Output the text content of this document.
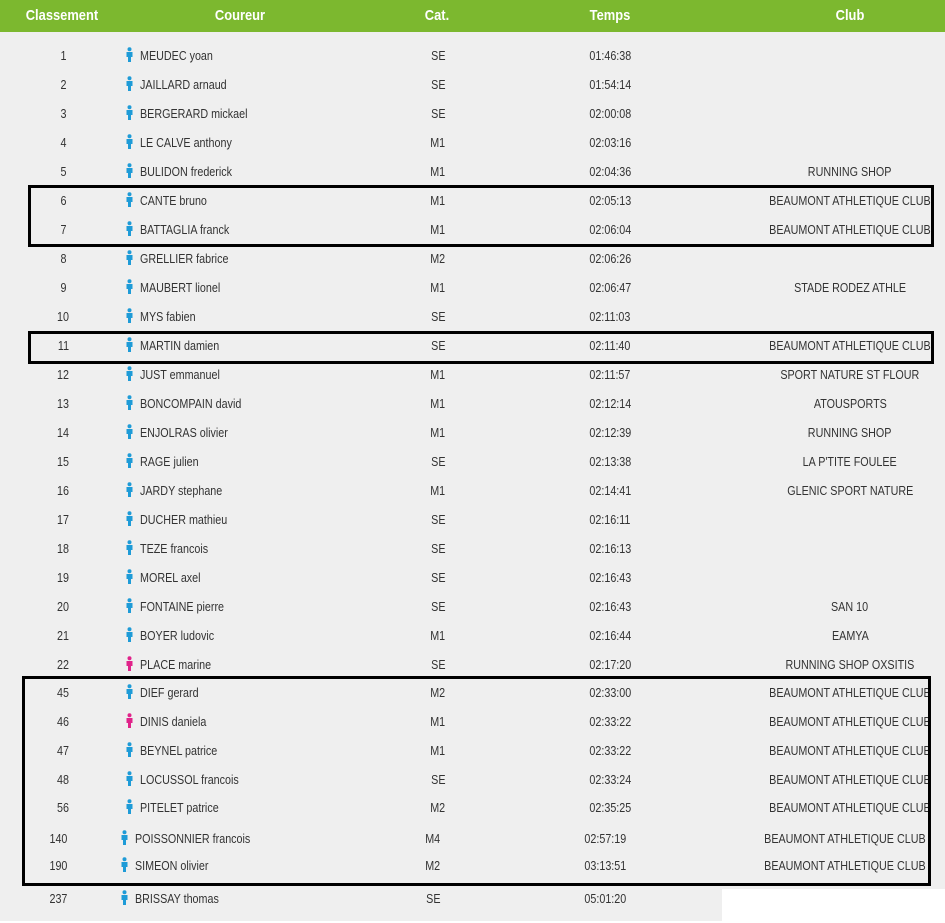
Classement	Coureur	Cat.	Temps	Club
1	MEUDEC yoan	SE	01:46:38
2	JAILLARD arnaud	SE	01:54:14
3	BERGERARD mickael	SE	02:00:08
4	LE CALVE anthony	M1	02:03:16
5	BULIDON frederick	M1	02:04:36	RUNNING SHOP
6	CANTE bruno	M1	02:05:13	BEAUMONT ATHLETIQUE CLUB
7	BATTAGLIA franck	M1	02:06:04	BEAUMONT ATHLETIQUE CLUB
8	GRELLIER fabrice	M2	02:06:26
9	MAUBERT lionel	M1	02:06:47	STADE RODEZ ATHLE
10	MYS fabien	SE	02:11:03
11	MARTIN damien	SE	02:11:40	BEAUMONT ATHLETIQUE CLUB
12	JUST emmanuel	M1	02:11:57	SPORT NATURE ST FLOUR
13	BONCOMPAIN david	M1	02:12:14	ATOUSPORTS
14	ENJOLRAS olivier	M1	02:12:39	RUNNING SHOP
15	RAGE julien	SE	02:13:38	LA P'TITE FOULEE
16	JARDY stephane	M1	02:14:41	GLENIC SPORT NATURE
17	DUCHER mathieu	SE	02:16:11
18	TEZE francois	SE	02:16:13
19	MOREL axel	SE	02:16:43
20	FONTAINE pierre	SE	02:16:43	SAN 10
21	BOYER ludovic	M1	02:16:44	EAMYA
22	PLACE marine	SE	02:17:20	RUNNING SHOP OXSITIS
45	DIEF gerard	M2	02:33:00	BEAUMONT ATHLETIQUE CLUB
46	DINIS daniela	M1	02:33:22	BEAUMONT ATHLETIQUE CLUB
47	BEYNEL patrice	M1	02:33:22	BEAUMONT ATHLETIQUE CLUB
48	LOCUSSOL francois	SE	02:33:24	BEAUMONT ATHLETIQUE CLUB
56	PITELET patrice	M2	02:35:25	BEAUMONT ATHLETIQUE CLUB
140	POISSONNIER francois	M4	02:57:19	BEAUMONT ATHLETIQUE CLUB
190	SIMEON olivier	M2	03:13:51	BEAUMONT ATHLETIQUE CLUB
237	BRISSAY thomas	SE	05:01:20
